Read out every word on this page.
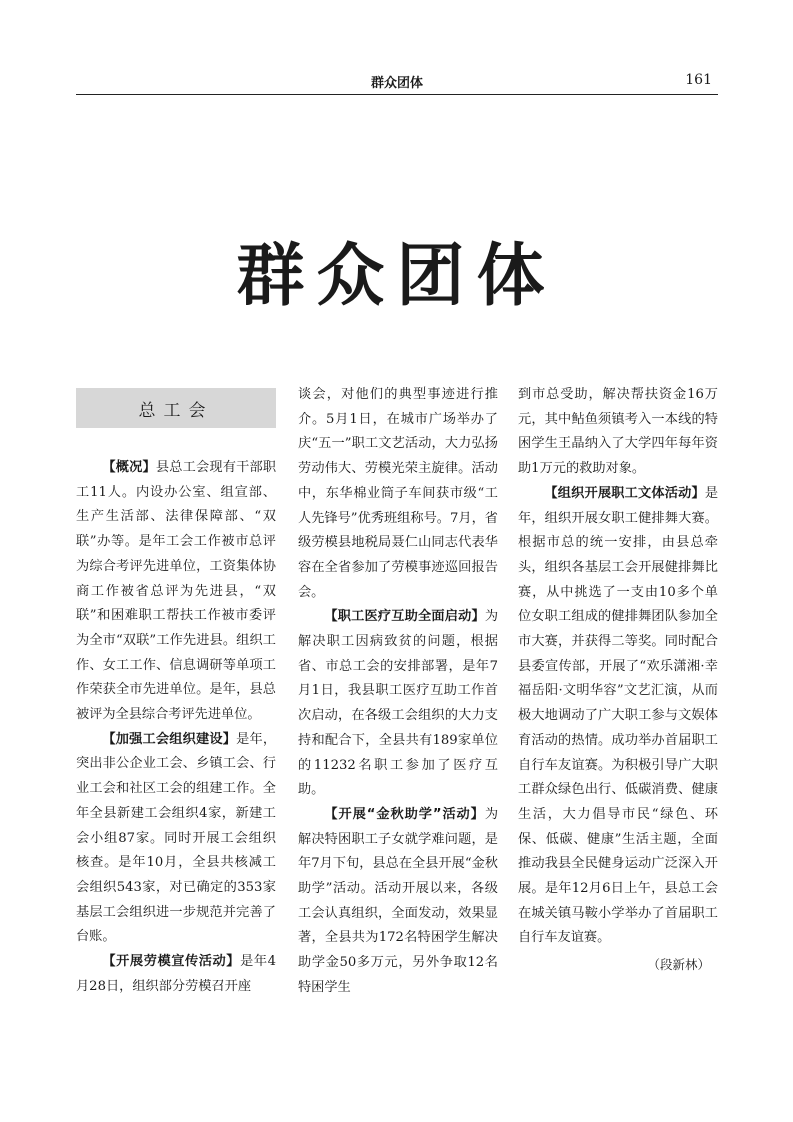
群众团体	161
群众团体
总工会

【概况】县总工会现有干部职工11人。内设办公室、组宣部、生产生活部、法律保障部、“双联”办等。是年工会工作被市总评为综合考评先进单位，工资集体协商工作被省总评为先进县，“双联”和困难职工帮扶工作被市委评为全市“双联”工作先进县。组织工作、女工工作、信息调研等单项工作荣获全市先进单位。是年，县总被评为全县综合考评先进单位。

【加强工会组织建设】是年，突出非公企业工会、乡镇工会、行业工会和社区工会的组建工作。全年全县新建工会组织4家，新建工会小组87家。同时开展工会组织核查。是年10月，全县共核减工会组织543家，对已确定的353家基层工会组织进一步规范并完善了台账。

【开展劳模宣传活动】是年4月28日，组织部分劳模召开座

谈会，对他们的典型事迹进行推介。5月1日，在城市广场举办了庆“五一”职工文艺活动，大力弘扬劳动伟大、劳模光荣主旋律。活动中，东华棉业筒子车间获市级“工人先锋号”优秀班组称号。7月，省级劳模县地税局聂仁山同志代表华容在全省参加了劳模事迹巡回报告会。

【职工医疗互助全面启动】为解决职工因病致贫的问题，根据省、市总工会的安排部署，是年7月1日，我县职工医疗互助工作首次启动，在各级工会组织的大力支持和配合下，全县共有189家单位的11232名职工参加了医疗互助。

【开展“金秋助学”活动】为解决特困职工子女就学难问题，是年7月下旬，县总在全县开展“金秋助学”活动。活动开展以来，各级工会认真组织，全面发动，效果显著，全县共为172名特困学生解决助学金50多万元，另外争取12名特困学生

到市总受助，解决帮扶资金16万元，其中鲇鱼须镇考入一本线的特困学生王晶纳入了大学四年每年资助1万元的救助对象。

【组织开展职工文体活动】是年，组织开展女职工健排舞大赛。根据市总的统一安排，由县总牵头，组织各基层工会开展健排舞比赛，从中挑选了一支由10多个单位女职工组成的健排舞团队参加全市大赛，并获得二等奖。同时配合县委宣传部，开展了“欢乐潇湘·幸福岳阳·文明华容”文艺汇演，从而极大地调动了广大职工参与文娱体育活动的热情。成功举办首届职工自行车友谊赛。为积极引导广大职工群众绿色出行、低碳消费、健康生活，大力倡导市民“绿色、环保、低碳、健康”生活主题，全面推动我县全民健身运动广泛深入开展。是年12月6日上午，县总工会在城关镇马鞍小学举办了首届职工自行车友谊赛。

（段新林）
